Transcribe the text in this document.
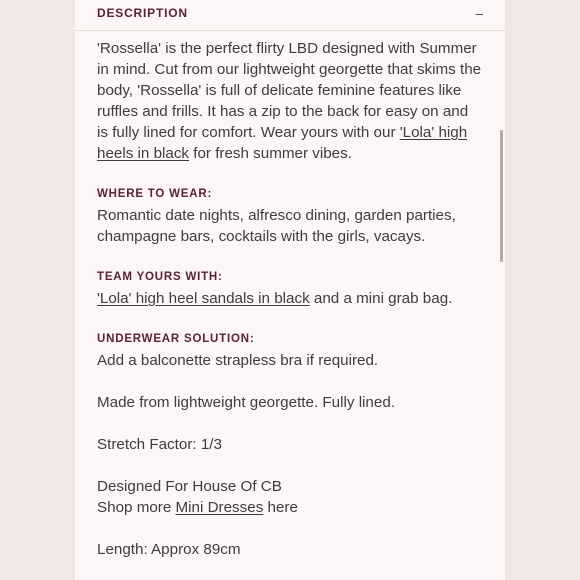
DESCRIPTION	–

'Rossella' is the perfect flirty LBD designed with Summer in mind. Cut from our lightweight georgette that skims the body, 'Rossella' is full of delicate feminine features like ruffles and frills. It has a zip to the back for easy on and is fully lined for comfort. Wear yours with our 'Lola' high heels in black for fresh summer vibes.

WHERE TO WEAR:

Romantic date nights, alfresco dining, garden parties, champagne bars, cocktails with the girls, vacays.

TEAM YOURS WITH:

'Lola' high heel sandals in black and a mini grab bag.

UNDERWEAR SOLUTION:

Add a balconette strapless bra if required.

Made from lightweight georgette. Fully lined.

Stretch Factor: 1/3

Designed For House Of CB

Shop more Mini Dresses here

Length: Approx 89cm
